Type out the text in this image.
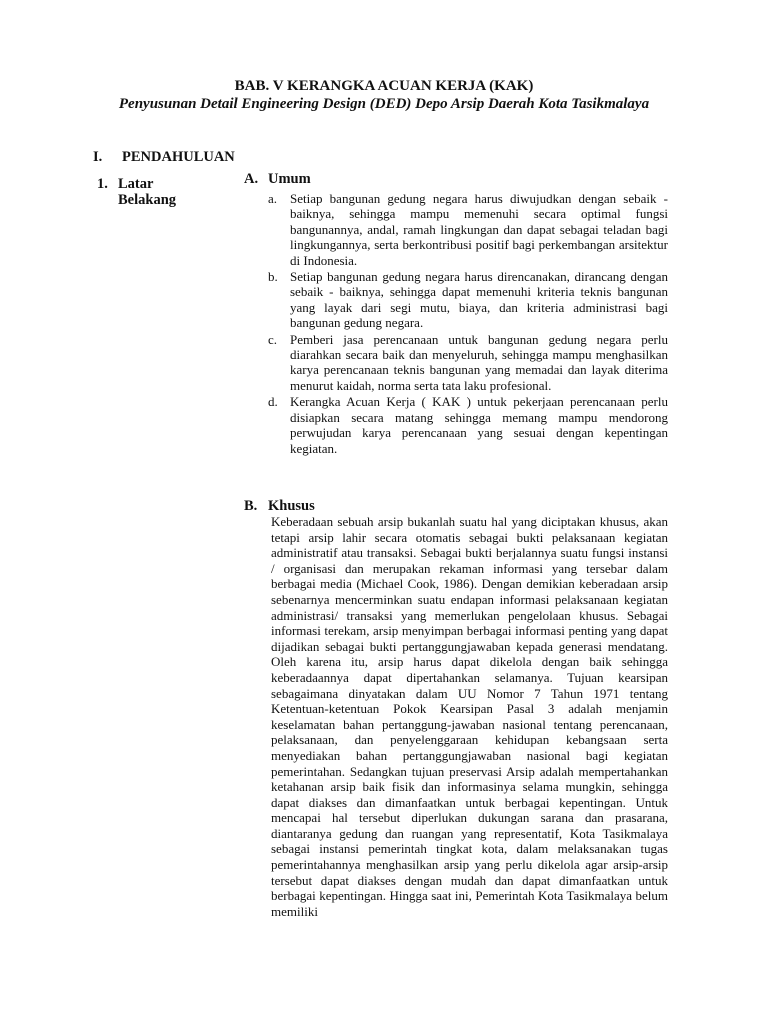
BAB. V KERANGKA ACUAN KERJA (KAK)
Penyusunan Detail Engineering Design (DED) Depo Arsip Daerah Kota Tasikmalaya
I. PENDAHULUAN
1. Latar
Belakang
A. Umum
a. Setiap bangunan gedung negara harus diwujudkan dengan sebaik - baiknya, sehingga mampu memenuhi secara optimal fungsi bangunannya, andal, ramah lingkungan dan dapat sebagai teladan bagi lingkungannya, serta berkontribusi positif bagi perkembangan arsitektur di Indonesia.
b. Setiap bangunan gedung negara harus direncanakan, dirancang dengan sebaik - baiknya, sehingga dapat memenuhi kriteria teknis bangunan yang layak dari segi mutu, biaya, dan kriteria administrasi bagi bangunan gedung negara.
c. Pemberi jasa perencanaan untuk bangunan gedung negara perlu diarahkan secara baik dan menyeluruh, sehingga mampu menghasilkan karya perencanaan teknis bangunan yang memadai dan layak diterima menurut kaidah, norma serta tata laku profesional.
d. Kerangka Acuan Kerja ( KAK ) untuk pekerjaan perencanaan perlu disiapkan secara matang sehingga memang mampu mendorong perwujudan karya perencanaan yang sesuai dengan kepentingan kegiatan.
B. Khusus

Keberadaan sebuah arsip bukanlah suatu hal yang diciptakan khusus, akan tetapi arsip lahir secara otomatis sebagai bukti pelaksanaan kegiatan administratif atau transaksi. Sebagai bukti berjalannya suatu fungsi instansi / organisasi dan merupakan rekaman informasi yang tersebar dalam berbagai media (Michael Cook, 1986). Dengan demikian keberadaan arsip sebenarnya mencerminkan suatu endapan informasi pelaksanaan kegiatan administrasi/ transaksi yang memerlukan pengelolaan khusus. Sebagai informasi terekam, arsip menyimpan berbagai informasi penting yang dapat dijadikan sebagai bukti pertanggungjawaban kepada generasi mendatang. Oleh karena itu, arsip harus dapat dikelola dengan baik sehingga keberadaannya dapat dipertahankan selamanya. Tujuan kearsipan sebagaimana dinyatakan dalam UU Nomor 7 Tahun 1971 tentang Ketentuan-ketentuan Pokok Kearsipan Pasal 3 adalah menjamin keselamatan bahan pertanggung-jawaban nasional tentang perencanaan, pelaksanaan, dan penyelenggaraan kehidupan kebangsaan serta menyediakan bahan pertanggungjawaban nasional bagi kegiatan pemerintahan. Sedangkan tujuan preservasi Arsip adalah mempertahankan ketahanan arsip baik fisik dan informasinya selama mungkin, sehingga dapat diakses dan dimanfaatkan untuk berbagai kepentingan. Untuk mencapai hal tersebut diperlukan dukungan sarana dan prasarana, diantaranya gedung dan ruangan yang representatif, Kota Tasikmalaya sebagai instansi pemerintah tingkat kota, dalam melaksanakan tugas pemerintahannya menghasilkan arsip yang perlu dikelola agar arsip-arsip tersebut dapat diakses dengan mudah dan dapat dimanfaatkan untuk berbagai kepentingan. Hingga saat ini, Pemerintah Kota Tasikmalaya belum memiliki
